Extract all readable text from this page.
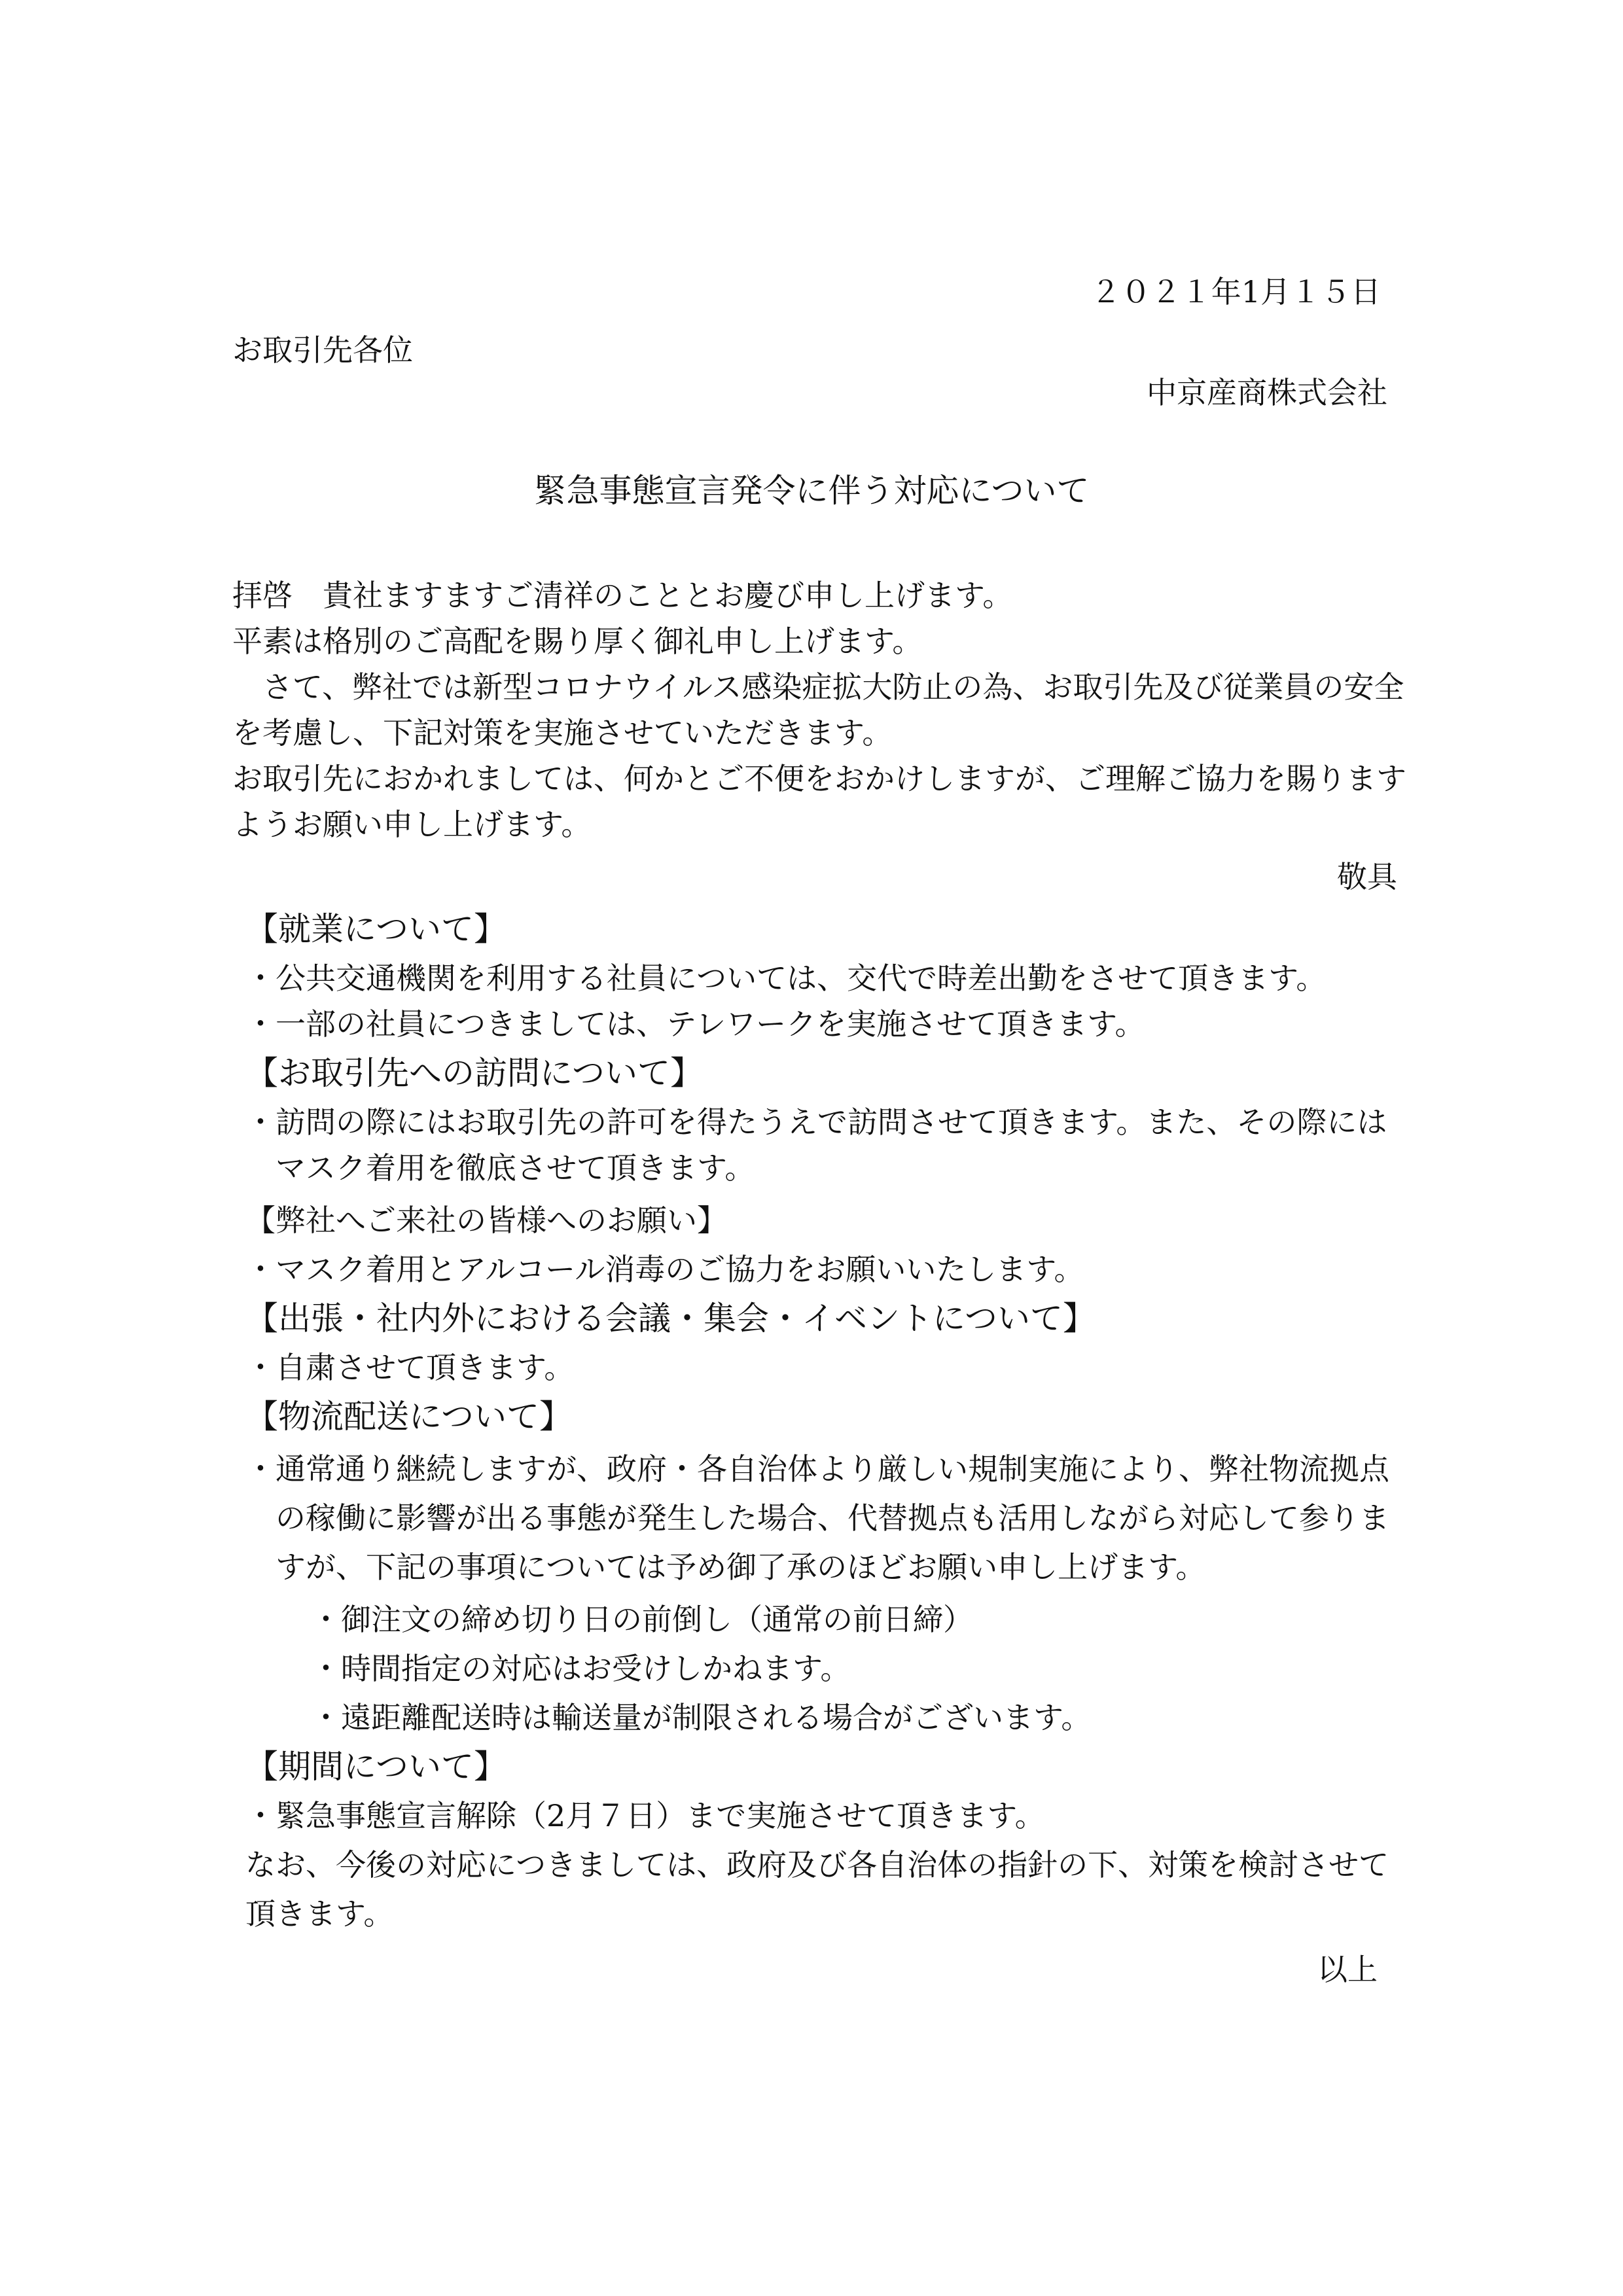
２０２１年1月１５日
お取引先各位
中京産商株式会社
緊急事態宣言発令に伴う対応について
拝啓　貴社ますますご清祥のこととお慶び申し上げます。
平素は格別のご高配を賜り厚く御礼申し上げます。
　さて、弊社では新型コロナウイルス感染症拡大防止の為、お取引先及び従業員の安全
を考慮し、下記対策を実施させていただきます。
お取引先におかれましては、何かとご不便をおかけしますが、ご理解ご協力を賜ります
ようお願い申し上げます。
敬具
【就業について】
・公共交通機関を利用する社員については、交代で時差出勤をさせて頂きます。
・一部の社員につきましては、テレワークを実施させて頂きます。
【お取引先への訪問について】
・訪問の際にはお取引先の許可を得たうえで訪問させて頂きます。また、その際には
　マスク着用を徹底させて頂きます。
【弊社へご来社の皆様へのお願い】
・マスク着用とアルコール消毒のご協力をお願いいたします。
【出張・社内外における会議・集会・イベントについて】
・自粛させて頂きます。
【物流配送について】
・通常通り継続しますが、政府・各自治体より厳しい規制実施により、弊社物流拠点
　の稼働に影響が出る事態が発生した場合、代替拠点も活用しながら対応して参りま
　すが、下記の事項については予め御了承のほどお願い申し上げます。
・御注文の締め切り日の前倒し（通常の前日締）
・時間指定の対応はお受けしかねます。
・遠距離配送時は輸送量が制限される場合がございます。
【期間について】
・緊急事態宣言解除（2月７日）まで実施させて頂きます。
なお、今後の対応につきましては、政府及び各自治体の指針の下、対策を検討させて
頂きます。
以上
